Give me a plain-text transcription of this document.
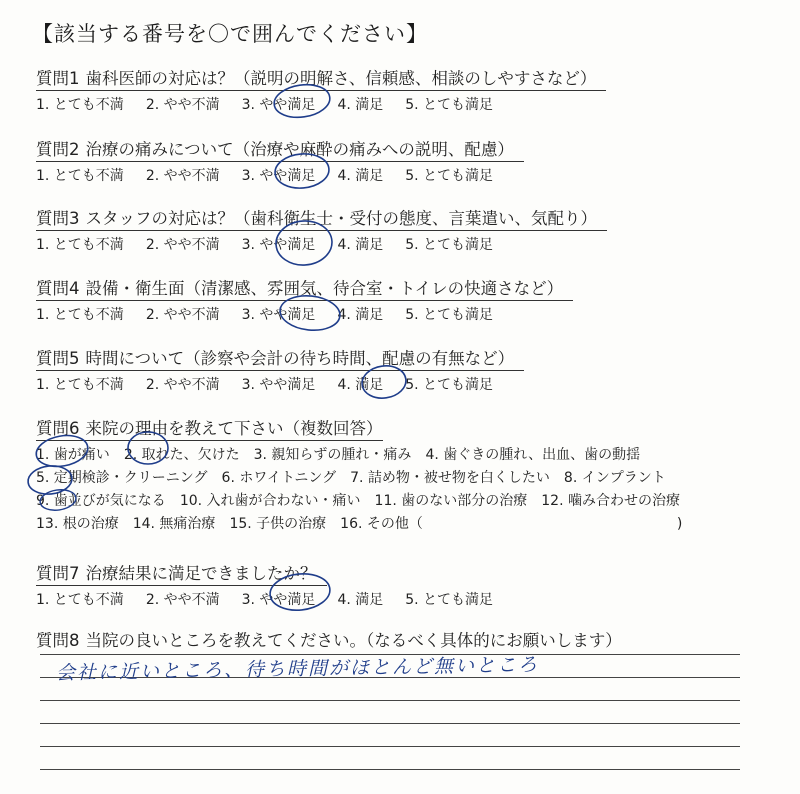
【該当する番号を〇で囲んでください】
質問1 歯科医師の対応は？（説明の明解さ、信頼感、相談のしやすさなど）
1. とても不満 2. やや不満 3. やや満足 4. 満足 5. とても満足
質問2 治療の痛みについて（治療や麻酔の痛みへの説明、配慮）
1. とても不満 2. やや不満 3. やや満足 4. 満足 5. とても満足
質問3 スタッフの対応は？（歯科衛生士・受付の態度、言葉遣い、気配り）
1. とても不満 2. やや不満 3. やや満足 4. 満足 5. とても満足
質問4 設備・衛生面（清潔感、雰囲気、待合室・トイレの快適さなど）
1. とても不満 2. やや不満 3. やや満足 4. 満足 5. とても満足
質問5 時間について（診察や会計の待ち時間、配慮の有無など）
1. とても不満 2. やや不満 3. やや満足 4. 満足 5. とても満足
質問6 来院の理由を教えて下さい（複数回答）
1. 歯が痛い 2. 取れた、欠けた 3. 親知らずの腫れ・痛み 4. 歯ぐきの腫れ、出血、歯の動揺
5. 定期検診・クリーニング 6. ホワイトニング 7. 詰め物・被せ物を白くしたい 8. インプラント
9. 歯並びが気になる 10. 入れ歯が合わない・痛い 11. 歯のない部分の治療 12. 噛み合わせの治療
13. 根の治療 14. 無痛治療 15. 子供の治療 16. その他（	)
質問7 治療結果に満足できましたか？
1. とても不満 2. やや不満 3. やや満足 4. 満足 5. とても満足
質問8 当院の良いところを教えてください。（なるべく具体的にお願いします）
会社に近いところ、待ち時間がほとんど無いところ
